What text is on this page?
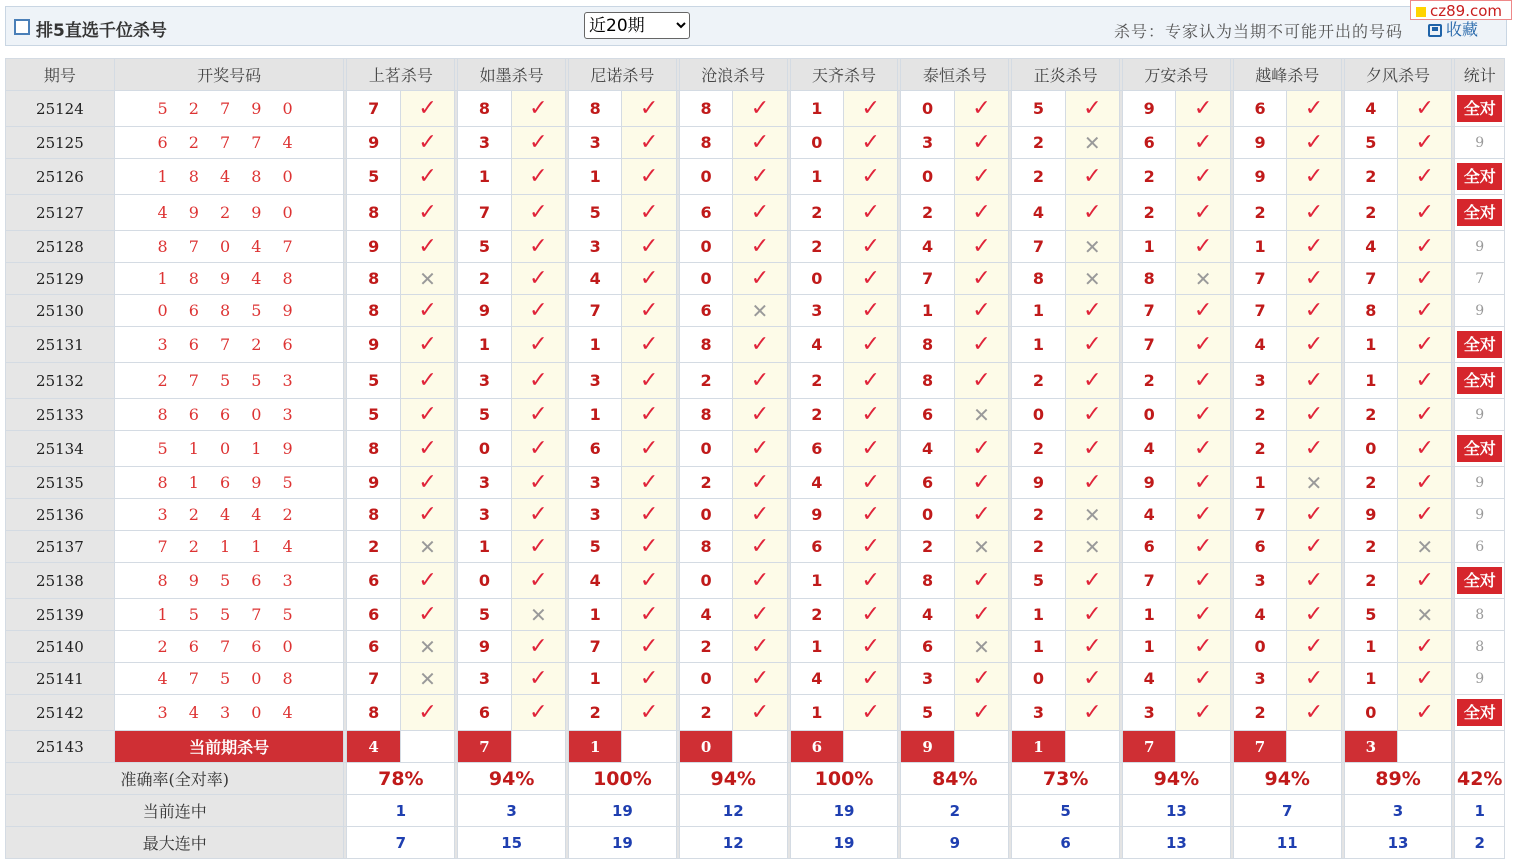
排5直选千位杀号
近20期	杀号：专家认为当期不可能开出的号码	收藏
cz89.com
期号	开奖号码		上茗杀号			如墨杀号			尼诺杀号			沧浪杀号			天齐杀号			泰恒杀号			正炎杀号			万安杀号			越峰杀号			夕风杀号			统计
25124	5 2 7 9 0		7	✓		8	✓		8	✓		8	✓		1	✓		0	✓		5	✓		9	✓		6	✓		4	✓		全对

25125	6 2 7 7 4		9	✓		3	✓		3	✓		8	✓		0	✓		3	✓		2	✕		6	✓		9	✓		5	✓		9
25126	1 8 4 8 0		5	✓		1	✓		1	✓		0	✓		1	✓		0	✓		2	✓		2	✓		9	✓		2	✓		全对

25127	4 9 2 9 0		8	✓		7	✓		5	✓		6	✓		2	✓		2	✓		4	✓		2	✓		2	✓		2	✓		全对

25128	8 7 0 4 7		9	✓		5	✓		3	✓		0	✓		2	✓		4	✓		7	✕		1	✓		1	✓		4	✓		9
25129	1 8 9 4 8		8	✕		2	✓		4	✓		0	✓		0	✓		7	✓		8	✕		8	✕		7	✓		7	✓		7
25130	0 6 8 5 9		8	✓		9	✓		7	✓		6	✕		3	✓		1	✓		1	✓		7	✓		7	✓		8	✓		9
25131	3 6 7 2 6		9	✓		1	✓		1	✓		8	✓		4	✓		8	✓		1	✓		7	✓		4	✓		1	✓		全对

25132	2 7 5 5 3		5	✓		3	✓		3	✓		2	✓		2	✓		8	✓		2	✓		2	✓		3	✓		1	✓		全对

25133	8 6 6 0 3		5	✓		5	✓		1	✓		8	✓		2	✓		6	✕		0	✓		0	✓		2	✓		2	✓		9
25134	5 1 0 1 9		8	✓		0	✓		6	✓		0	✓		6	✓		4	✓		2	✓		4	✓		2	✓		0	✓		全对

25135	8 1 6 9 5		9	✓		3	✓		3	✓		2	✓		4	✓		6	✓		9	✓		9	✓		1	✕		2	✓		9
25136	3 2 4 4 2		8	✓		3	✓		3	✓		0	✓		9	✓		0	✓		2	✕		4	✓		7	✓		9	✓		9
25137	7 2 1 1 4		2	✕		1	✓		5	✓		8	✓		6	✓		2	✕		2	✕		6	✓		6	✓		2	✕		6
25138	8 9 5 6 3		6	✓		0	✓		4	✓		0	✓		1	✓		8	✓		5	✓		7	✓		3	✓		2	✓		全对

25139	1 5 5 7 5		6	✓		5	✕		1	✓		4	✓		2	✓		4	✓		1	✓		1	✓		4	✓		5	✕		8
25140	2 6 7 6 0		6	✕		9	✓		7	✓		2	✓		1	✓		6	✕		1	✓		1	✓		0	✓		1	✓		8
25141	4 7 5 0 8		7	✕		3	✓		1	✓		0	✓		4	✓		3	✓		0	✓		4	✓		3	✓		1	✓		9
25142	3 4 3 0 4		8	✓		6	✓		2	✓		2	✓		1	✓		5	✓		3	✓		3	✓		2	✓		0	✓		全对

25143	当前期杀号		4			7			1			0			6			9			1			7			7			3			
准确率(全对率)			78%			94%			100%			94%			100%			84%			73%			94%			94%			89%			42%
当前连中			1			3			19			12			19			2			5			13			7			3			1
最大连中			7			15			19			12			19			9			6			13			11			13			2
